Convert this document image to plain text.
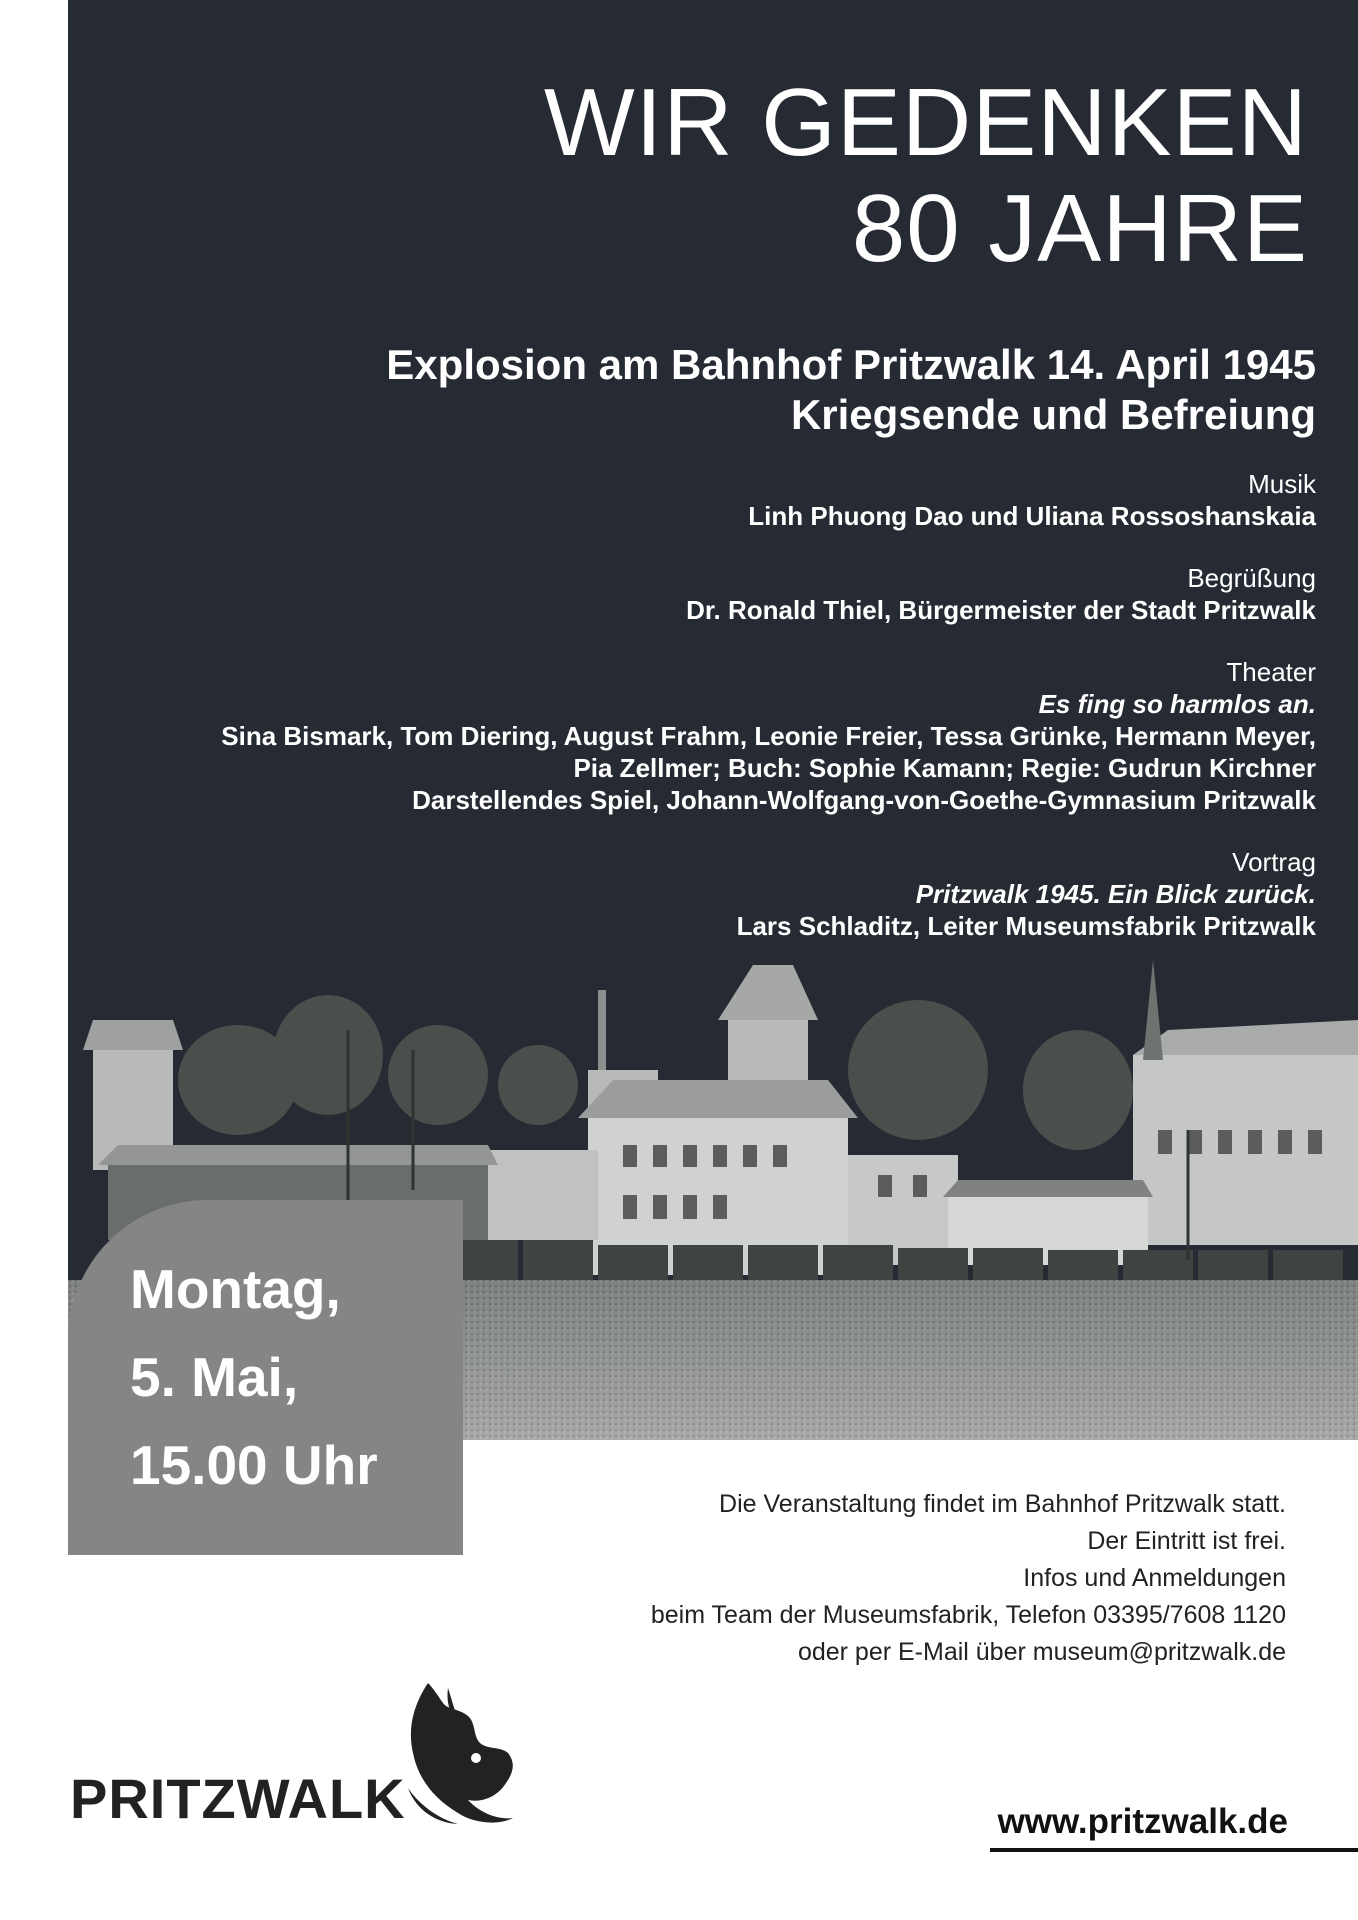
WIR GEDENKEN
80 JAHRE
Explosion am Bahnhof Pritzwalk 14. April 1945
Kriegsende und Befreiung
Musik
Linh Phuong Dao und Uliana Rossoshanskaia
Begrüßung
Dr. Ronald Thiel, Bürgermeister der Stadt Pritzwalk
Theater
Es fing so harmlos an.
Sina Bismark, Tom Diering, August Frahm, Leonie Freier, Tessa Grünke, Hermann Meyer,
Pia Zellmer; Buch: Sophie Kamann; Regie: Gudrun Kirchner
Darstellendes Spiel, Johann-Wolfgang-von-Goethe-Gymnasium Pritzwalk
Vortrag
Pritzwalk 1945. Ein Blick zurück.
Lars Schladitz, Leiter Museumsfabrik Pritzwalk
Montag,
5. Mai,
15.00 Uhr
Die Veranstaltung findet im Bahnhof Pritzwalk statt.
Der Eintritt ist frei.
Infos und Anmeldungen
beim Team der Museumsfabrik, Telefon 03395/7608 1120
oder per E-Mail über museum@pritzwalk.de
PRITZWALK	www.pritzwalk.de
